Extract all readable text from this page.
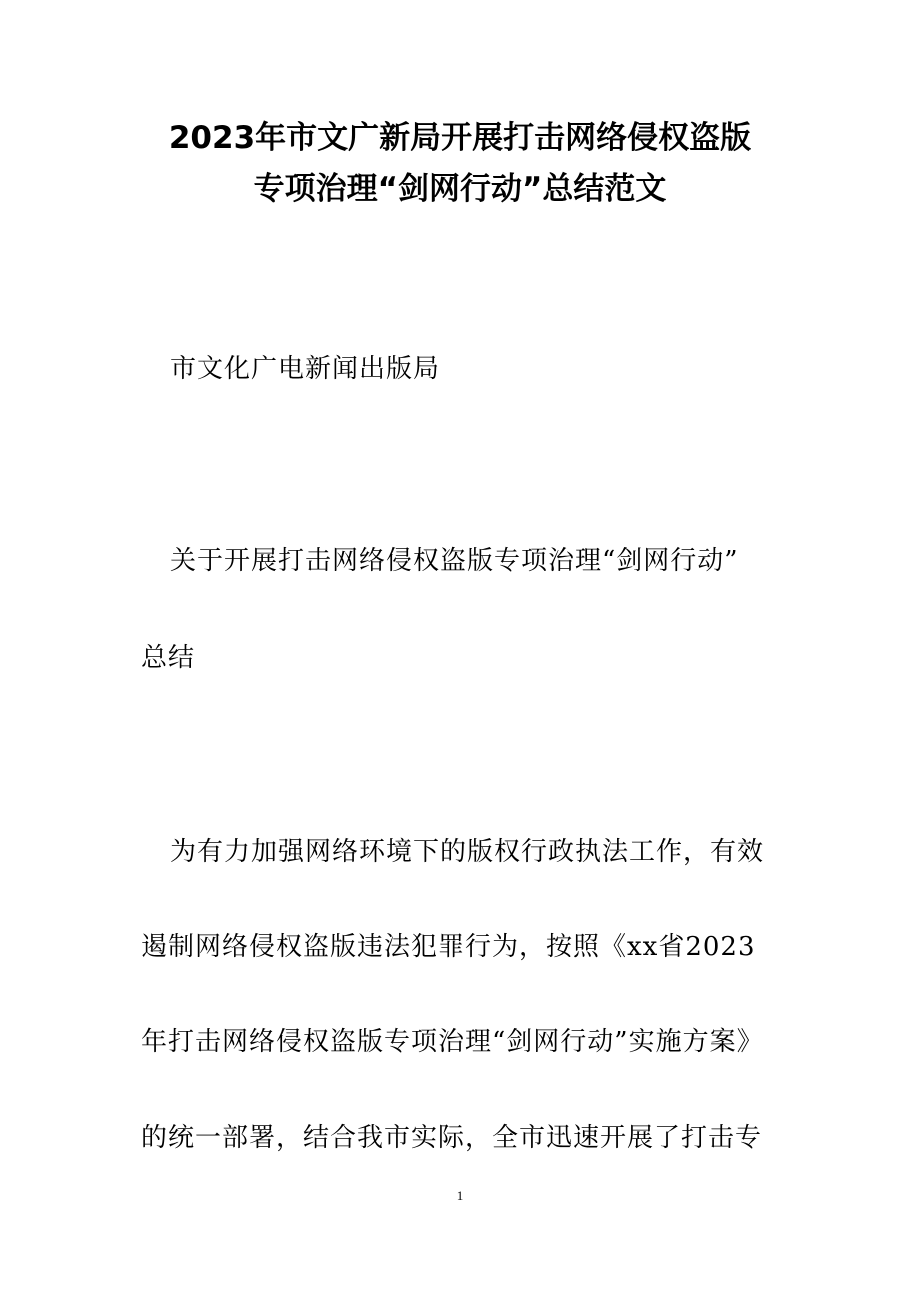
2023年市文广新局开展打击网络侵权盗版
专项治理“剑网行动”总结范文
市文化广电新闻出版局
关于开展打击网络侵权盗版专项治理“剑网行动”
总结
为有力加强网络环境下的版权行政执法工作，有效
遏制网络侵权盗版违法犯罪行为，按照《xx省2023
年打击网络侵权盗版专项治理“剑网行动”实施方案》
的统一部署，结合我市实际，全市迅速开展了打击专
1
